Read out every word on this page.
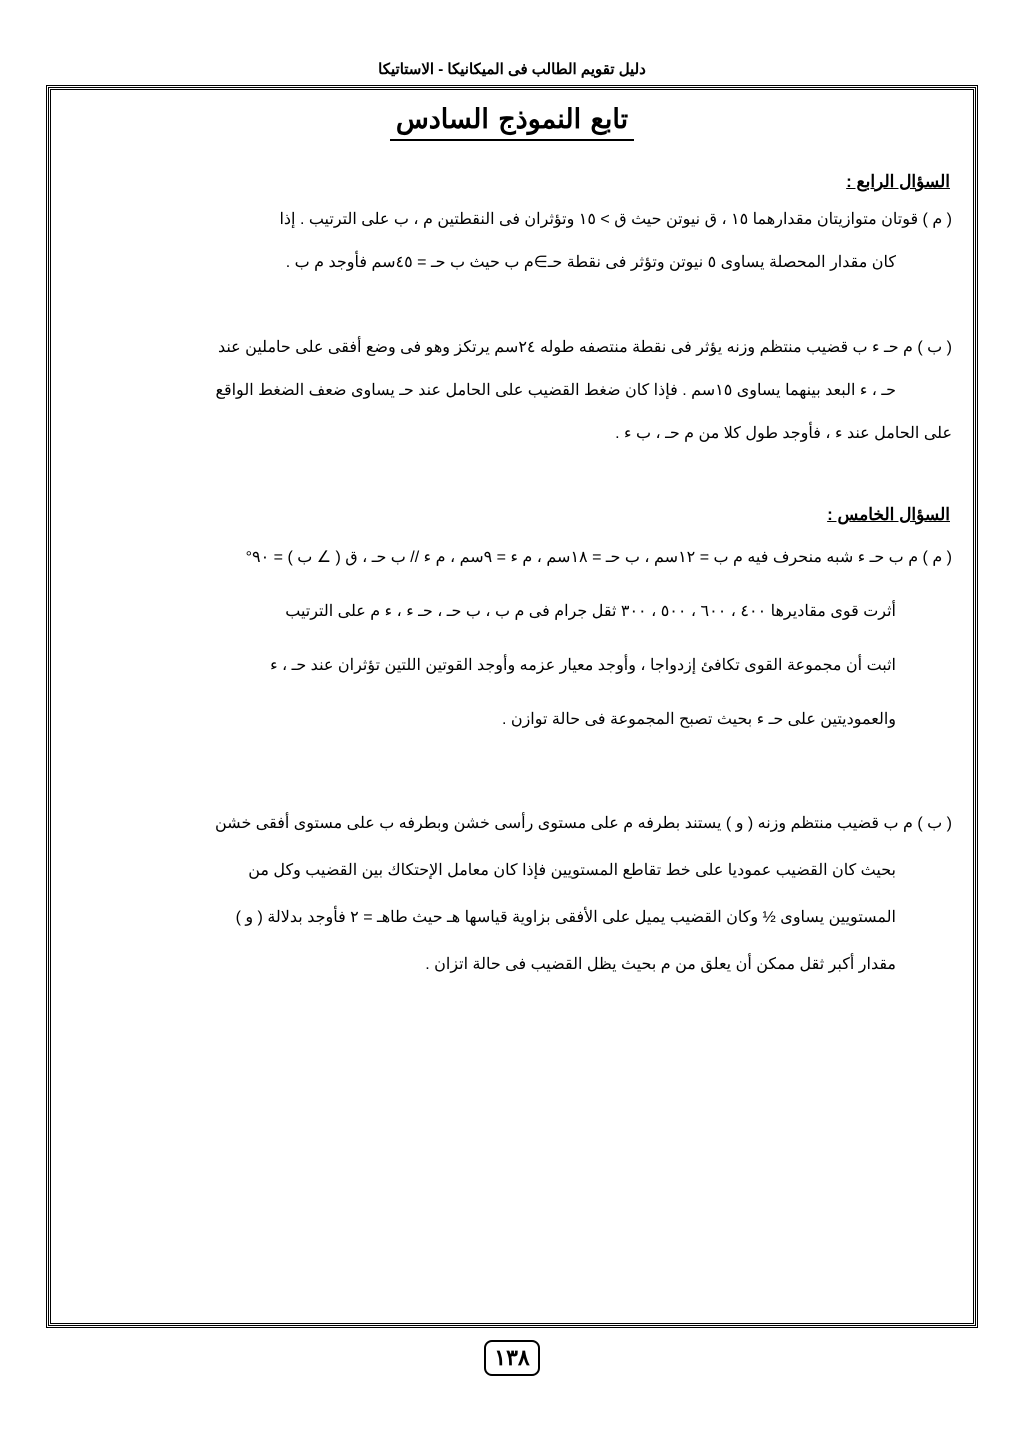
دليل تقويم الطالب فى الميكانيكا - الاستاتيكا
تابع النموذج السادس
السؤال الرابع :
( م ) قوتان متوازيتان مقدارهما ١٥ ، ق نيوتن حيث ق > ١٥ وتؤثران فى النقطتين م ، ب على الترتيب . إذا
كان مقدار المحصلة يساوى ٥ نيوتن وتؤثر فى نقطة حـ∋م ب حيث ب حـ = ٤٥سم فأوجد م ب .
( ب ) م حـ ء ب قضيب منتظم وزنه يؤثر فى نقطة منتصفه طوله ٢٤سم يرتكز وهو فى وضع أفقى على حاملين عند
حـ ، ء البعد بينهما يساوى ١٥سم . فإذا كان ضغط القضيب على الحامل عند حـ يساوى ضعف الضغط الواقع
على الحامل عند ء ، فأوجد طول كلا من م حـ ، ب ء .
السؤال الخامس :
( م ) م ب حـ ء شبه منحرف فيه م ب = ١٢سم ، ب حـ = ١٨سم ، م ء = ٩سم ، م ء // ب حـ ، ق ( ∠ ب ) = ٩٠°
أثرت قوى مقاديرها ٤٠٠ ، ٦٠٠ ، ٥٠٠ ، ٣٠٠ ثقل جرام فى م ب ، ب حـ ، حـ ء ، ء م على الترتيب
اثبت أن مجموعة القوى تكافئ إزدواجا ، وأوجد معيار عزمه وأوجد القوتين اللتين تؤثران عند حـ ، ء
والعموديتين على حـ ء بحيث تصبح المجموعة فى حالة توازن .
( ب ) م ب قضيب منتظم وزنه ( و ) يستند بطرفه م على مستوى رأسى خشن وبطرفه ب على مستوى أفقى خشن
بحيث كان القضيب عموديا على خط تقاطع المستويين فإذا كان معامل الإحتكاك بين القضيب وكل من
المستويين يساوى ½ وكان القضيب يميل على الأفقى بزاوية قياسها هـ حيث طاهـ = ٢ فأوجد بدلالة ( و )
مقدار أكبر ثقل ممكن أن يعلق من م بحيث يظل القضيب فى حالة اتزان .
١٣٨
